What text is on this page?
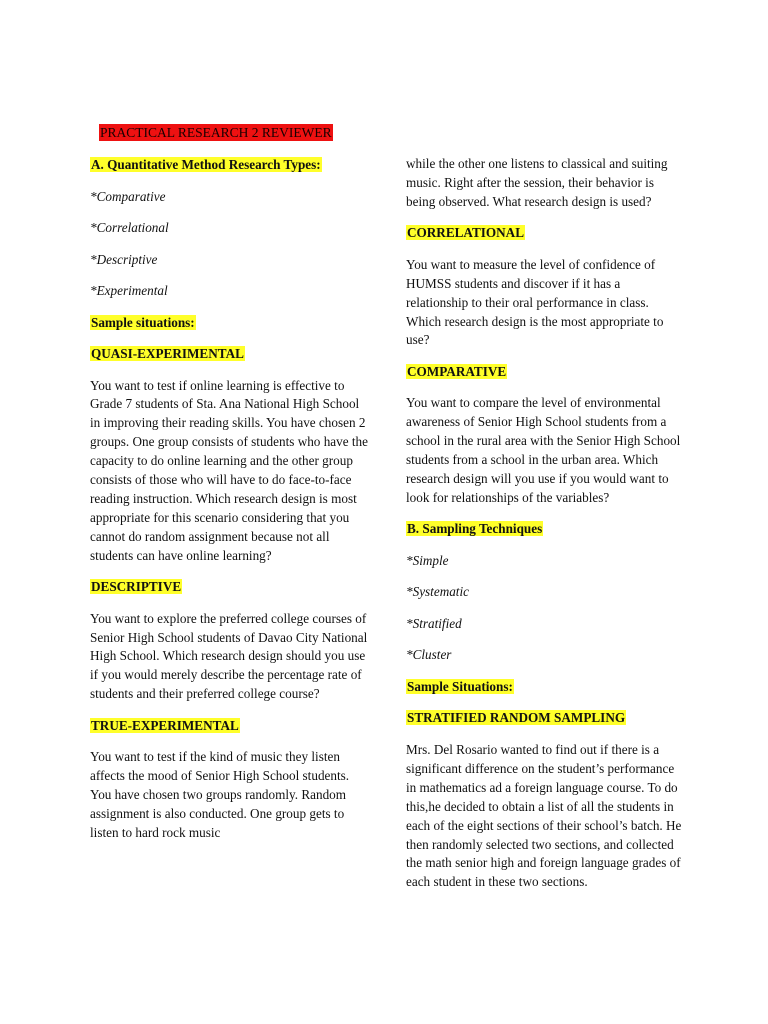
PRACTICAL RESEARCH 2 REVIEWER

A. Quantitative Method Research Types:

*Comparative

*Correlational

*Descriptive

*Experimental

Sample situations:

QUASI-EXPERIMENTAL

You want to test if online learning is effective to Grade 7 students of Sta. Ana National High School in improving their reading skills. You have chosen 2 groups. One group consists of students who have the capacity to do online learning and the other group consists of those who will have to do face-to-face reading instruction. Which research design is most appropriate for this scenario considering that you cannot do random assignment because not all students can have online learning?

DESCRIPTIVE

You want to explore the preferred college courses of Senior High School students of Davao City National High School. Which research design should you use if you would merely describe the percentage rate of students and their preferred college course?

TRUE-EXPERIMENTAL

You want to test if the kind of music they listen affects the mood of Senior High School students. You have chosen two groups randomly. Random assignment is also conducted. One group gets to listen to hard rock music

while the other one listens to classical and suiting music. Right after the session, their behavior is being observed. What research design is used?

CORRELATIONAL

You want to measure the level of confidence of HUMSS students and discover if it has a relationship to their oral performance in class. Which research design is the most appropriate to use?

COMPARATIVE

You want to compare the level of environmental awareness of Senior High School students from a school in the rural area with the Senior High School students from a school in the urban area. Which research design will you use if you would want to look for relationships of the variables?

B. Sampling Techniques

*Simple

*Systematic

*Stratified

*Cluster

Sample Situations:

STRATIFIED RANDOM SAMPLING

Mrs. Del Rosario wanted to find out if there is a significant difference on the student’s performance in mathematics ad a foreign language course. To do this,he decided to obtain a list of all the students in each of the eight sections of their school’s batch. He then randomly selected two sections, and collected the math senior high and foreign language grades of each student in these two sections.
